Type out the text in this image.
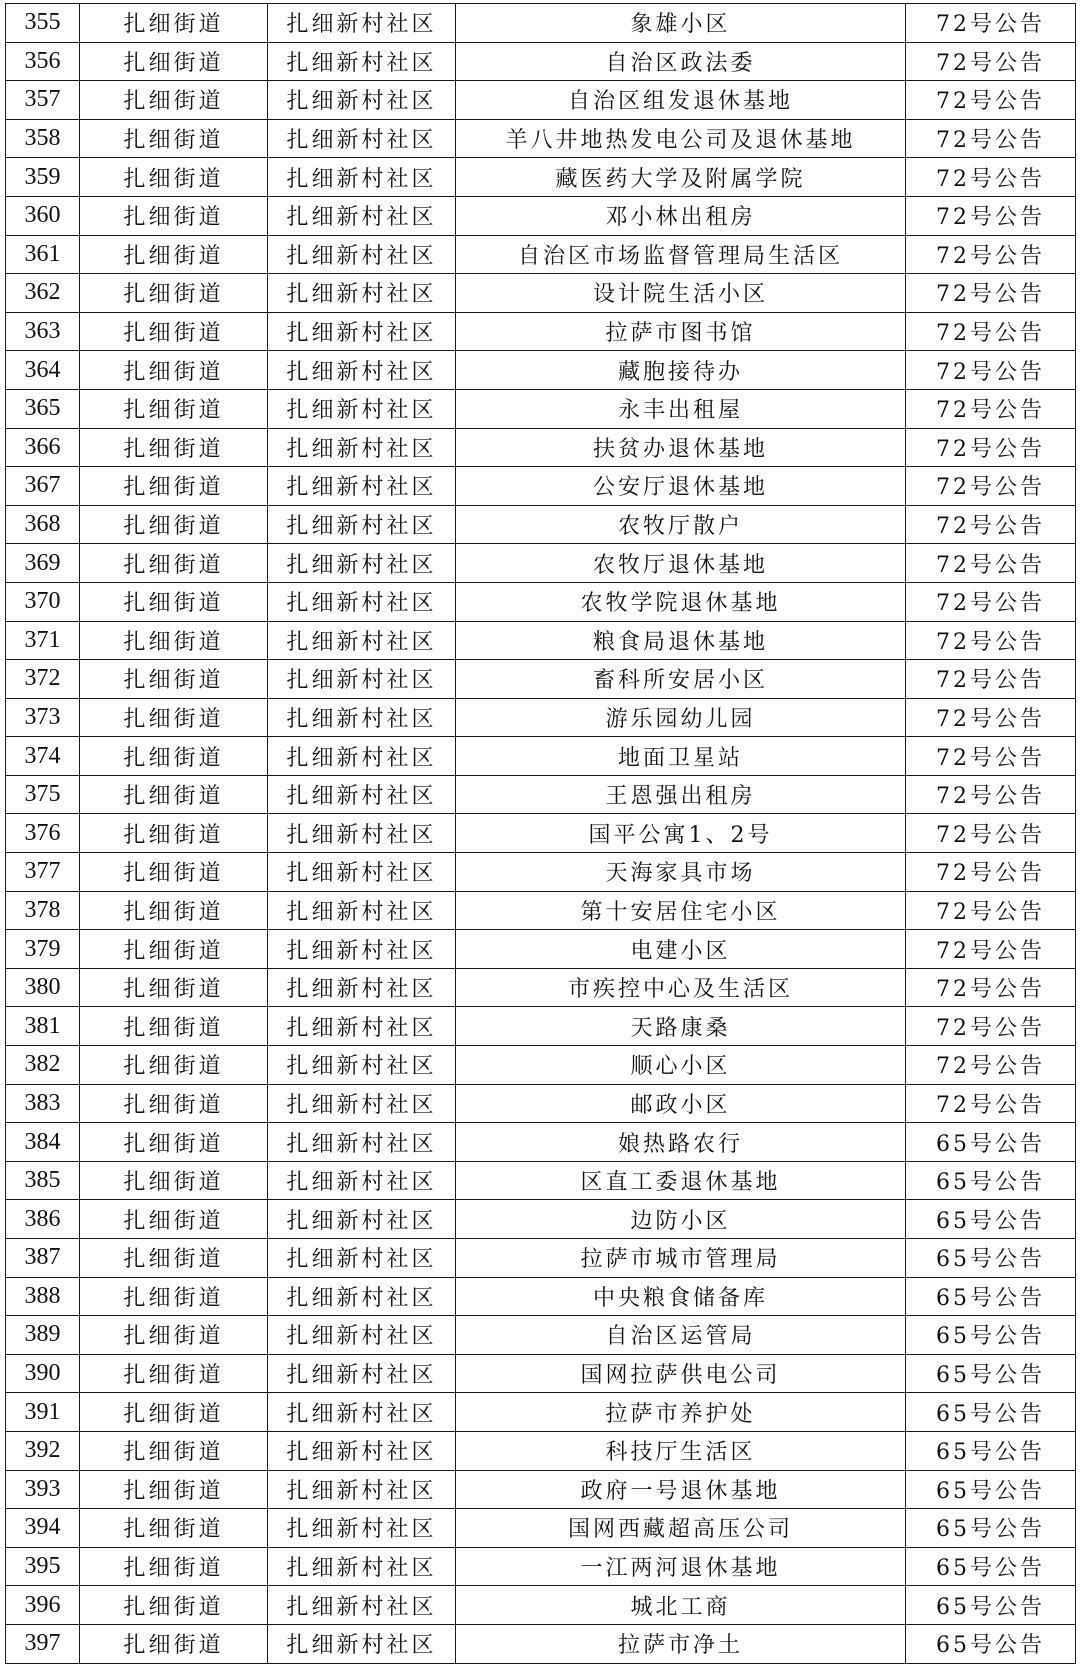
355	扎细街道	扎细新村社区	象雄小区	72号公告
356	扎细街道	扎细新村社区	自治区政法委	72号公告
357	扎细街道	扎细新村社区	自治区组发退休基地	72号公告
358	扎细街道	扎细新村社区	羊八井地热发电公司及退休基地	72号公告
359	扎细街道	扎细新村社区	藏医药大学及附属学院	72号公告
360	扎细街道	扎细新村社区	邓小林出租房	72号公告
361	扎细街道	扎细新村社区	自治区市场监督管理局生活区	72号公告
362	扎细街道	扎细新村社区	设计院生活小区	72号公告
363	扎细街道	扎细新村社区	拉萨市图书馆	72号公告
364	扎细街道	扎细新村社区	藏胞接待办	72号公告
365	扎细街道	扎细新村社区	永丰出租屋	72号公告
366	扎细街道	扎细新村社区	扶贫办退休基地	72号公告
367	扎细街道	扎细新村社区	公安厅退休基地	72号公告
368	扎细街道	扎细新村社区	农牧厅散户	72号公告
369	扎细街道	扎细新村社区	农牧厅退休基地	72号公告
370	扎细街道	扎细新村社区	农牧学院退休基地	72号公告
371	扎细街道	扎细新村社区	粮食局退休基地	72号公告
372	扎细街道	扎细新村社区	畜科所安居小区	72号公告
373	扎细街道	扎细新村社区	游乐园幼儿园	72号公告
374	扎细街道	扎细新村社区	地面卫星站	72号公告
375	扎细街道	扎细新村社区	王恩强出租房	72号公告
376	扎细街道	扎细新村社区	国平公寓1、2号	72号公告
377	扎细街道	扎细新村社区	天海家具市场	72号公告
378	扎细街道	扎细新村社区	第十安居住宅小区	72号公告
379	扎细街道	扎细新村社区	电建小区	72号公告
380	扎细街道	扎细新村社区	市疾控中心及生活区	72号公告
381	扎细街道	扎细新村社区	天路康桑	72号公告
382	扎细街道	扎细新村社区	顺心小区	72号公告
383	扎细街道	扎细新村社区	邮政小区	72号公告
384	扎细街道	扎细新村社区	娘热路农行	65号公告
385	扎细街道	扎细新村社区	区直工委退休基地	65号公告
386	扎细街道	扎细新村社区	边防小区	65号公告
387	扎细街道	扎细新村社区	拉萨市城市管理局	65号公告
388	扎细街道	扎细新村社区	中央粮食储备库	65号公告
389	扎细街道	扎细新村社区	自治区运管局	65号公告
390	扎细街道	扎细新村社区	国网拉萨供电公司	65号公告
391	扎细街道	扎细新村社区	拉萨市养护处	65号公告
392	扎细街道	扎细新村社区	科技厅生活区	65号公告
393	扎细街道	扎细新村社区	政府一号退休基地	65号公告
394	扎细街道	扎细新村社区	国网西藏超高压公司	65号公告
395	扎细街道	扎细新村社区	一江两河退休基地	65号公告
396	扎细街道	扎细新村社区	城北工商	65号公告
397	扎细街道	扎细新村社区	拉萨市净土	65号公告
